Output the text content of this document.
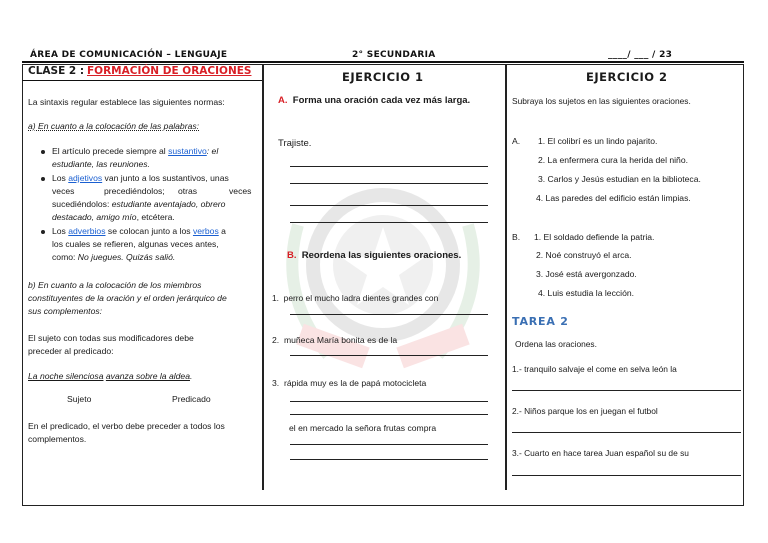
ÁREA DE COMUNICACIÓN – LENGUAJE	2° SECUNDARIA	____/ ___ / 23
CLASE 2 : FORMACIÓN DE ORACIONES
La sintaxis regular establece las siguientes normas:
a) En cuanto a la colocación de las palabras:
El artículo precede siempre al sustantivo: el
estudiante, las reuniones.
Los adjetivos van junto a los sustantivos, unas
veces	precediéndolos; otras	veces
sucediéndolos: estudiante aventajado, obrero
destacado, amigo mío, etcétera.
Los adverbios se colocan junto a los verbos a
los cuales se refieren, algunas veces antes,
como: No juegues. Quizás salió.
b) En cuanto a la colocación de los miembros
constituyentes de la oración y el orden jerárquico de
sus complementos:
El sujeto con todas sus modificadores debe
preceder al predicado:
La noche silenciosa avanza sobre la aldea.
Sujeto	Predicado
En el predicado, el verbo debe preceder a todos los
complementos.
EJERCICIO 1
A. Forma una oración cada vez más larga.
Trajiste.
B. Reordena las siguientes oraciones.
1. perro el mucho ladra dientes grandes con
2. muñeca María bonita es de la
3. rápida muy es la de papá motocicleta
el en mercado la señora frutas compra
EJERCICIO 2
Subraya los sujetos en las siguientes oraciones.
A. 1. El colibrí es un lindo pajarito.
2. La enfermera cura la herida del niño.
3. Carlos y Jesús estudian en la biblioteca.
4. Las paredes del edificio están limpias.
B. 1. El soldado defiende la patria.
2. Noé construyó el arca.
3. José está avergonzado.
4. Luis estudia la lección.
TAREA 2
Ordena las oraciones.
1.- tranquilo salvaje el come en selva león la
2.- Niños parque los en juegan el futbol
3.- Cuarto en hace tarea Juan español su de su
